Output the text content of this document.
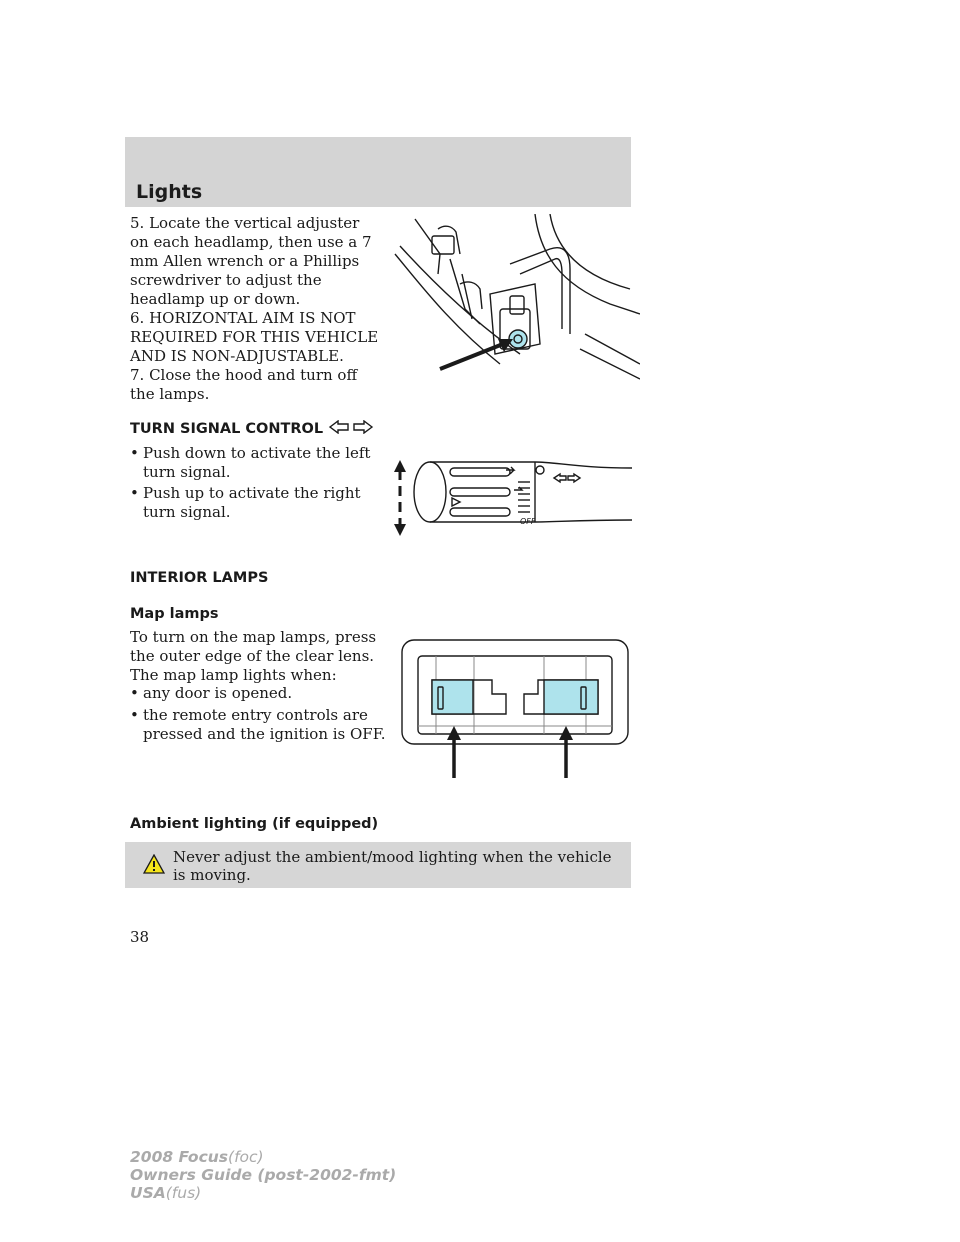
Lights

5. Locate the vertical adjuster on each headlamp, then use a 7 mm Allen wrench or a Phillips screwdriver to adjust the headlamp up or down.

6. HORIZONTAL AIM IS NOT REQUIRED FOR THIS VEHICLE AND IS NON-ADJUSTABLE.

7. Close the hood and turn off the lamps.

TURN SIGNAL CONTROL
• Push down to activate the left turn signal.
• Push up to activate the right turn signal.
OFF
INTERIOR LAMPS
Map lamps

To turn on the map lamps, press the outer edge of the clear lens. The map lamp lights when:

• any door is opened.
• the remote entry controls are pressed and the ignition is OFF.
Ambient lighting (if equipped)
Never adjust the ambient/mood lighting when the vehicle is moving.
38
2008 Focus(foc)
Owners Guide (post-2002-fmt)
USA(fus)
